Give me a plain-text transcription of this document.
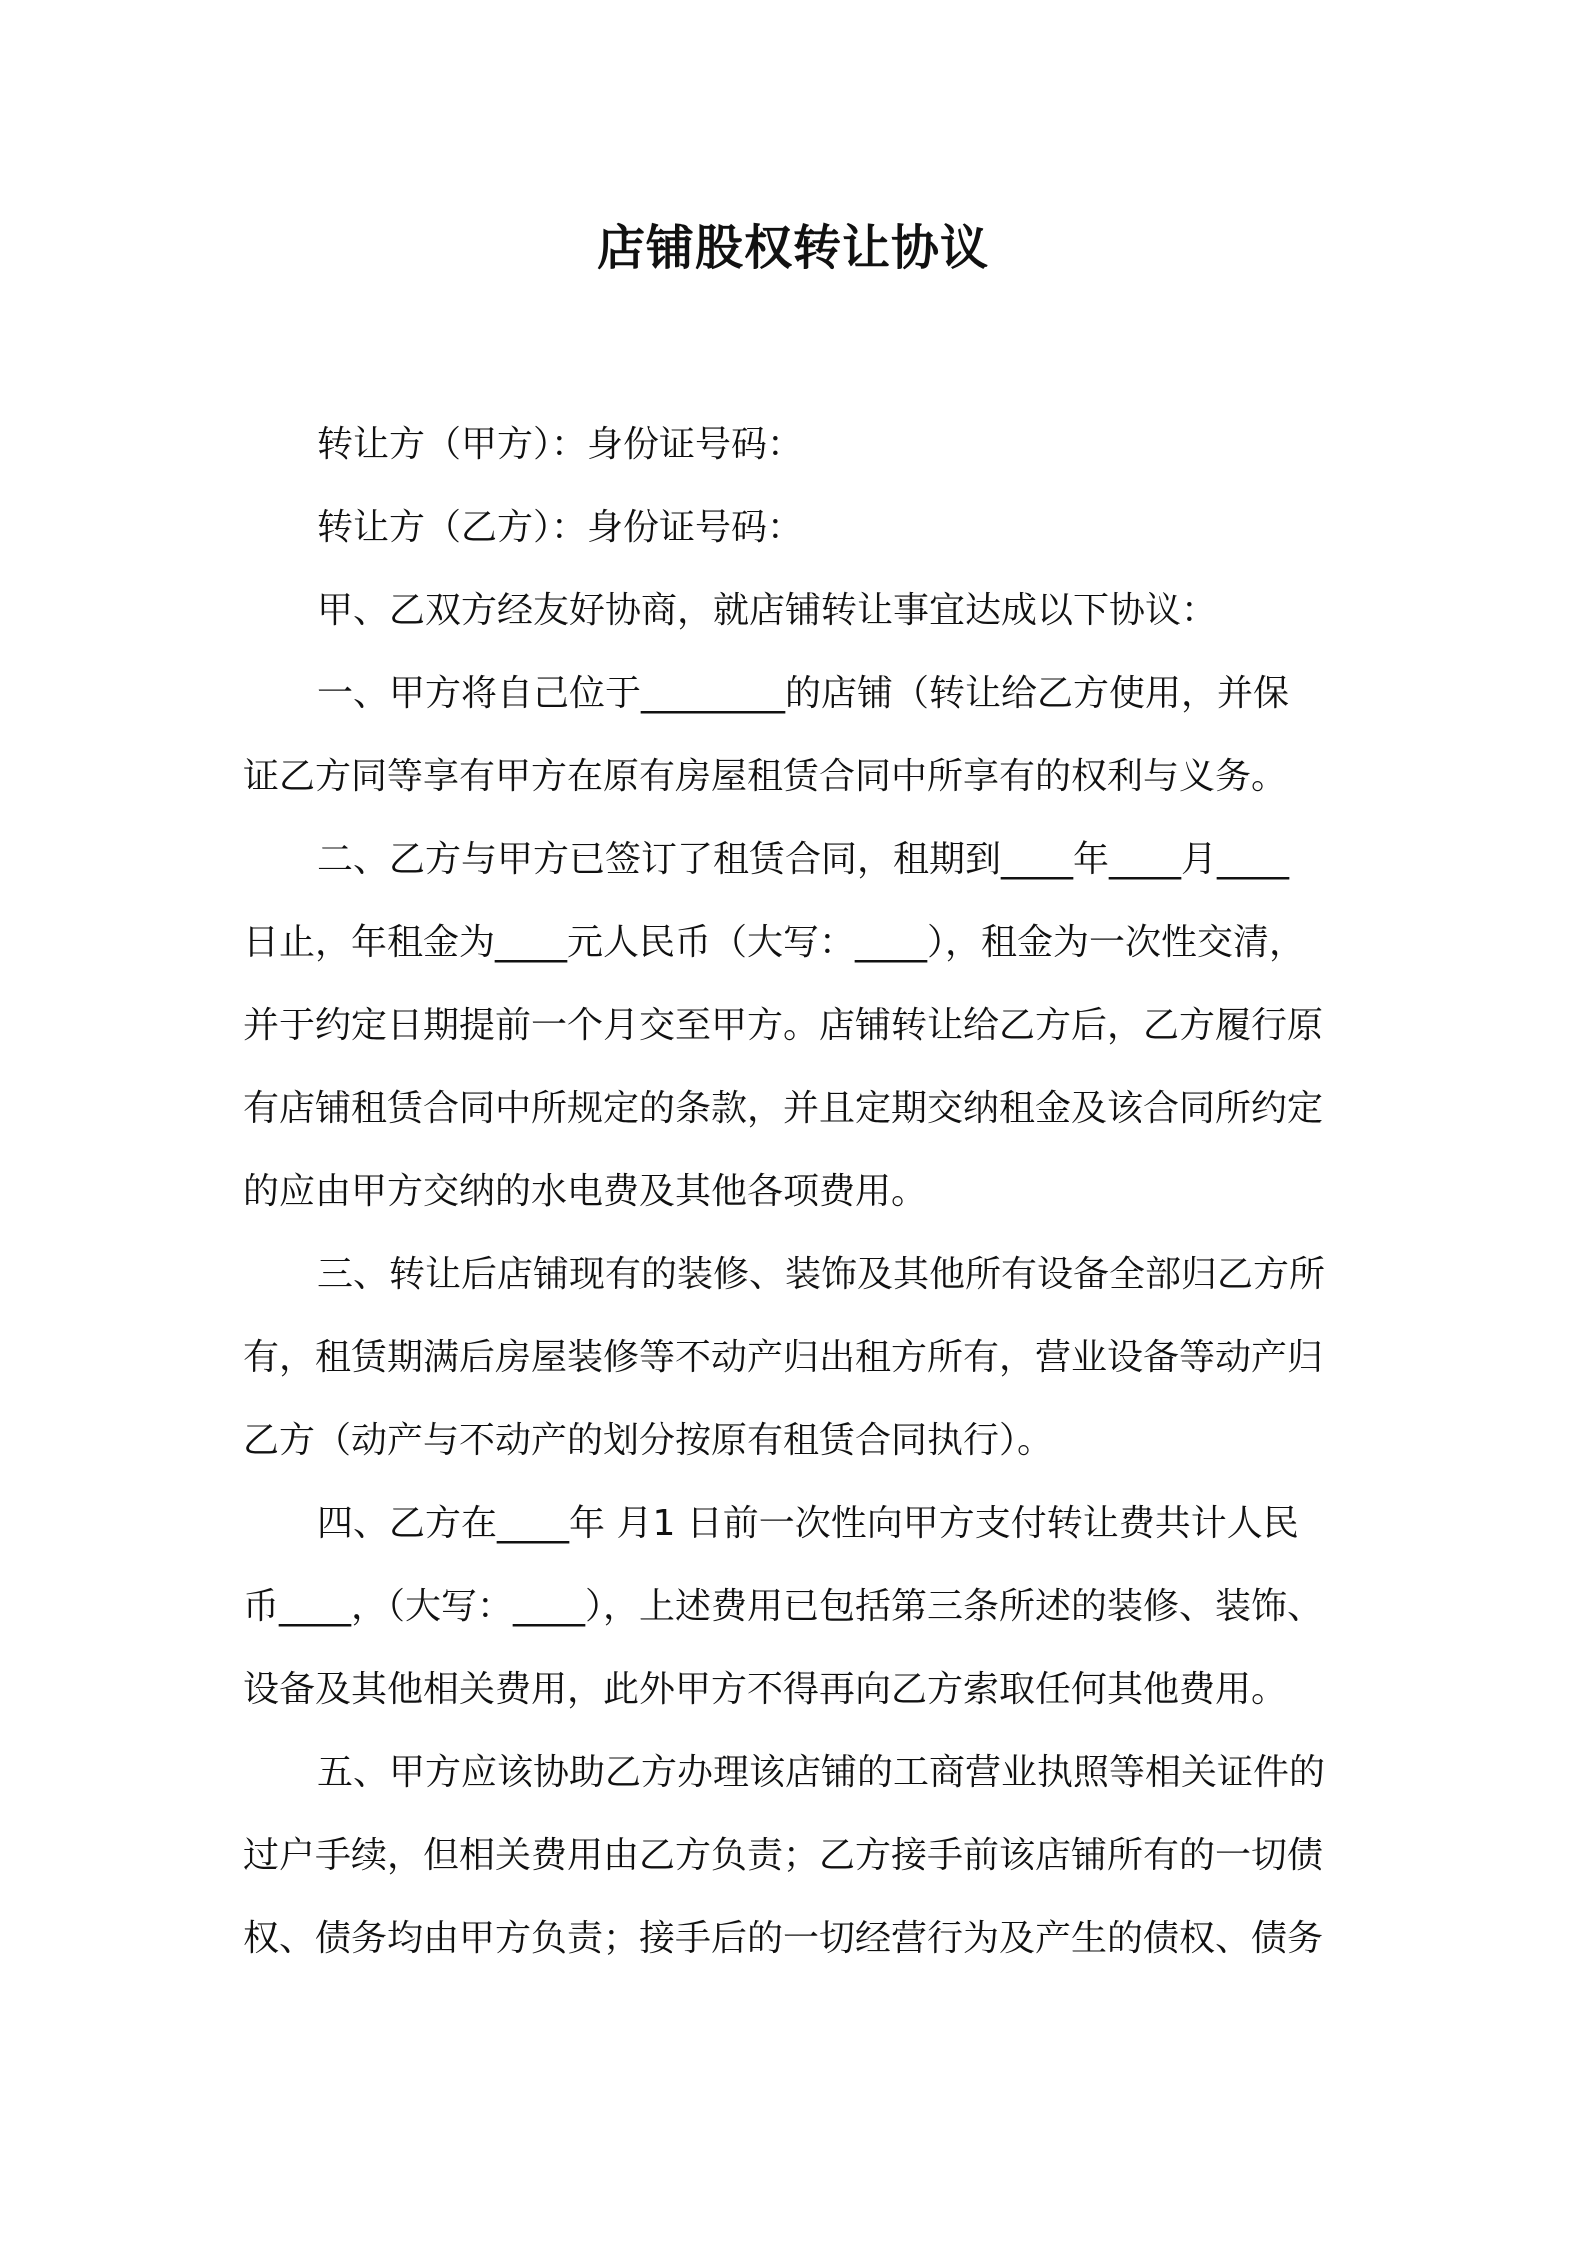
店铺股权转让协议
转让方（甲方）：身份证号码：
转让方（乙方）：身份证号码：
甲、乙双方经友好协商，就店铺转让事宜达成以下协议：
一、甲方将自己位于________的店铺（转让给乙方使用，并保
证乙方同等享有甲方在原有房屋租赁合同中所享有的权利与义务。
二、乙方与甲方已签订了租赁合同，租期到____年____月____
日止，年租金为____元人民币（大写：____），租金为一次性交清，
并于约定日期提前一个月交至甲方。店铺转让给乙方后，乙方履行原
有店铺租赁合同中所规定的条款，并且定期交纳租金及该合同所约定
的应由甲方交纳的水电费及其他各项费用。
三、转让后店铺现有的装修、装饰及其他所有设备全部归乙方所
有，租赁期满后房屋装修等不动产归出租方所有，营业设备等动产归
乙方（动产与不动产的划分按原有租赁合同执行）。
四、乙方在____年 月1 日前一次性向甲方支付转让费共计人民
币____，（大写：____），上述费用已包括第三条所述的装修、装饰、
设备及其他相关费用，此外甲方不得再向乙方索取任何其他费用。
五、甲方应该协助乙方办理该店铺的工商营业执照等相关证件的
过户手续，但相关费用由乙方负责；乙方接手前该店铺所有的一切债
权、债务均由甲方负责；接手后的一切经营行为及产生的债权、债务
